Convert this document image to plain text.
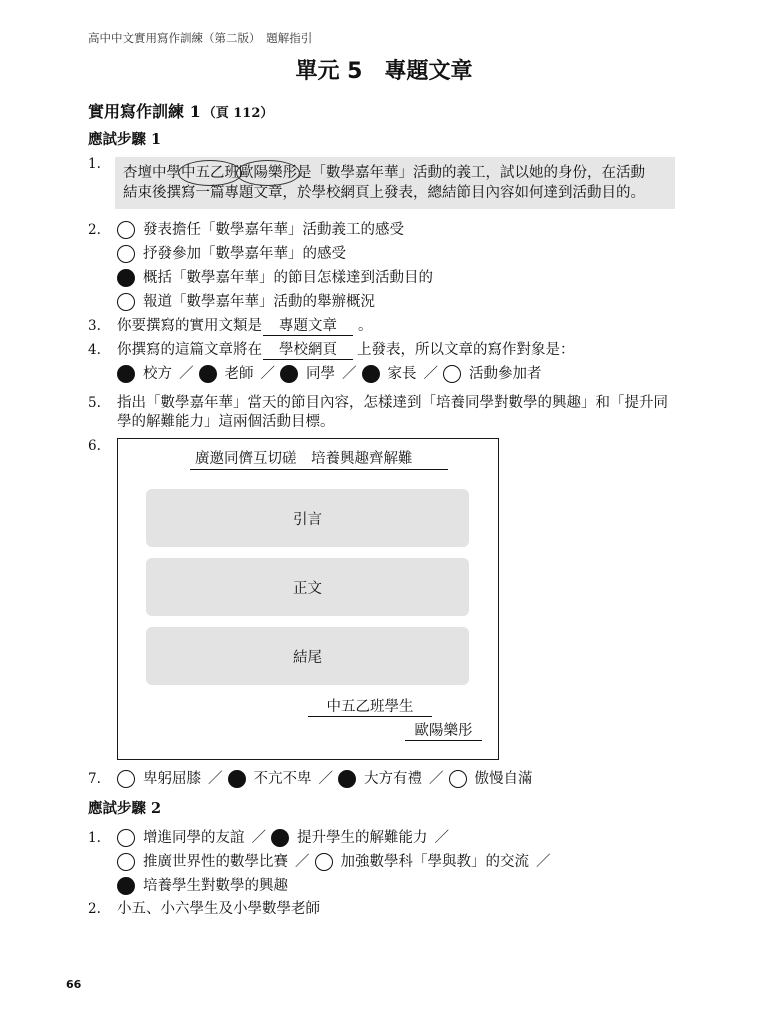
高中中文實用寫作訓練（第二版）　題解指引
單元 5　專題文章
實用寫作訓練 1 （頁 112）
應試步驟 1
1.
杏壇中學中五乙班歐陽樂彤是「數學嘉年華」活動的義工，試以她的身份，在活動
結束後撰寫一篇專題文章，於學校網頁上發表，總結節目內容如何達到活動目的。
2.	發表擔任「數學嘉年華」活動義工的感受
抒發參加「數學嘉年華」的感受
概括「數學嘉年華」的節目怎樣達到活動目的
報道「數學嘉年華」活動的舉辦概況
3. 你要撰寫的實用文類是	專題文章	。
4. 你撰寫的這篇文章將在	學校網頁	上發表，所以文章的寫作對象是：
校方 ／ 老師 ／ 同學 ／ 家長 ／ 活動參加者
5. 指出「數學嘉年華」當天的節目內容，怎樣達到「培養同學對數學的興趣」和「提升同
學的解難能力」這兩個活動目標。
6.
廣邀同儕互切磋　培養興趣齊解難
引言
正文
結尾
中五乙班學生
歐陽樂彤
7.	卑躬屈膝 ／ 不亢不卑 ／ 大方有禮 ／ 傲慢自滿
應試步驟 2
1.	增進同學的友誼 ／ 提升學生的解難能力 ／
推廣世界性的數學比賽 ／ 加強數學科「學與教」的交流 ／
培養學生對數學的興趣
2. 小五、小六學生及小學數學老師
66
